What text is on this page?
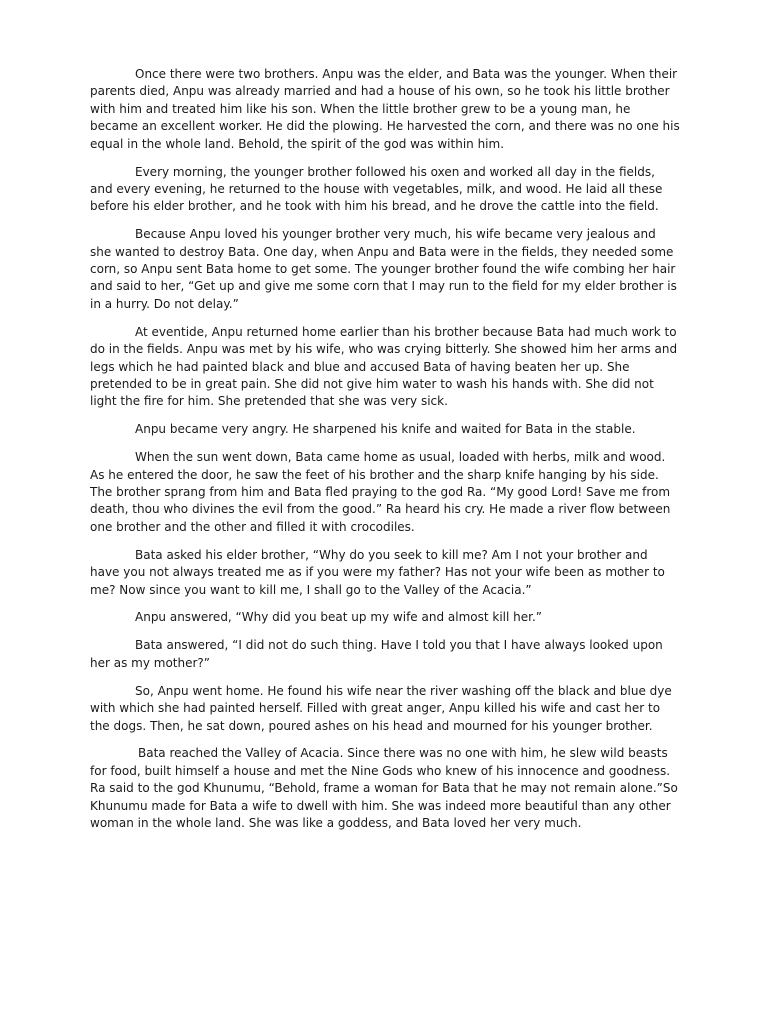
Once there were two brothers. Anpu was the elder, and Bata was the younger. When their parents died, Anpu was already married and had a house of his own, so he took his little brother with him and treated him like his son. When the little brother grew to be a young man, he became an excellent worker. He did the plowing. He harvested the corn, and there was no one his equal in the whole land. Behold, the spirit of the god was within him.

Every morning, the younger brother followed his oxen and worked all day in the fields, and every evening, he returned to the house with vegetables, milk, and wood. He laid all these before his elder brother, and he took with him his bread, and he drove the cattle into the field.

Because Anpu loved his younger brother very much, his wife became very jealous and she wanted to destroy Bata. One day, when Anpu and Bata were in the fields, they needed some corn, so Anpu sent Bata home to get some. The younger brother found the wife combing her hair and said to her, “Get up and give me some corn that I may run to the field for my elder brother is in a hurry. Do not delay.”

At eventide, Anpu returned home earlier than his brother because Bata had much work to do in the fields. Anpu was met by his wife, who was crying bitterly. She showed him her arms and legs which he had painted black and blue and accused Bata of having beaten her up. She pretended to be in great pain. She did not give him water to wash his hands with. She did not light the fire for him. She pretended that she was very sick.

Anpu became very angry. He sharpened his knife and waited for Bata in the stable.

When the sun went down, Bata came home as usual, loaded with herbs, milk and wood. As he entered the door, he saw the feet of his brother and the sharp knife hanging by his side. The brother sprang from him and Bata fled praying to the god Ra. “My good Lord! Save me from death, thou who divines the evil from the good.” Ra heard his cry. He made a river flow between one brother and the other and filled it with crocodiles.

Bata asked his elder brother, “Why do you seek to kill me? Am I not your brother and have you not always treated me as if you were my father? Has not your wife been as mother to me? Now since you want to kill me, I shall go to the Valley of the Acacia.”

Anpu answered, “Why did you beat up my wife and almost kill her.”

Bata answered, “I did not do such thing. Have I told you that I have always looked upon her as my mother?”

So, Anpu went home. He found his wife near the river washing off the black and blue dye with which she had painted herself. Filled with great anger, Anpu killed his wife and cast her to the dogs. Then, he sat down, poured ashes on his head and mourned for his younger brother.

Bata reached the Valley of Acacia. Since there was no one with him, he slew wild beasts for food, built himself a house and met the Nine Gods who knew of his innocence and goodness. Ra said to the god Khunumu, “Behold, frame a woman for Bata that he may not remain alone.”So Khunumu made for Bata a wife to dwell with him. She was indeed more beautiful than any other woman in the whole land. She was like a goddess, and Bata loved her very much.
